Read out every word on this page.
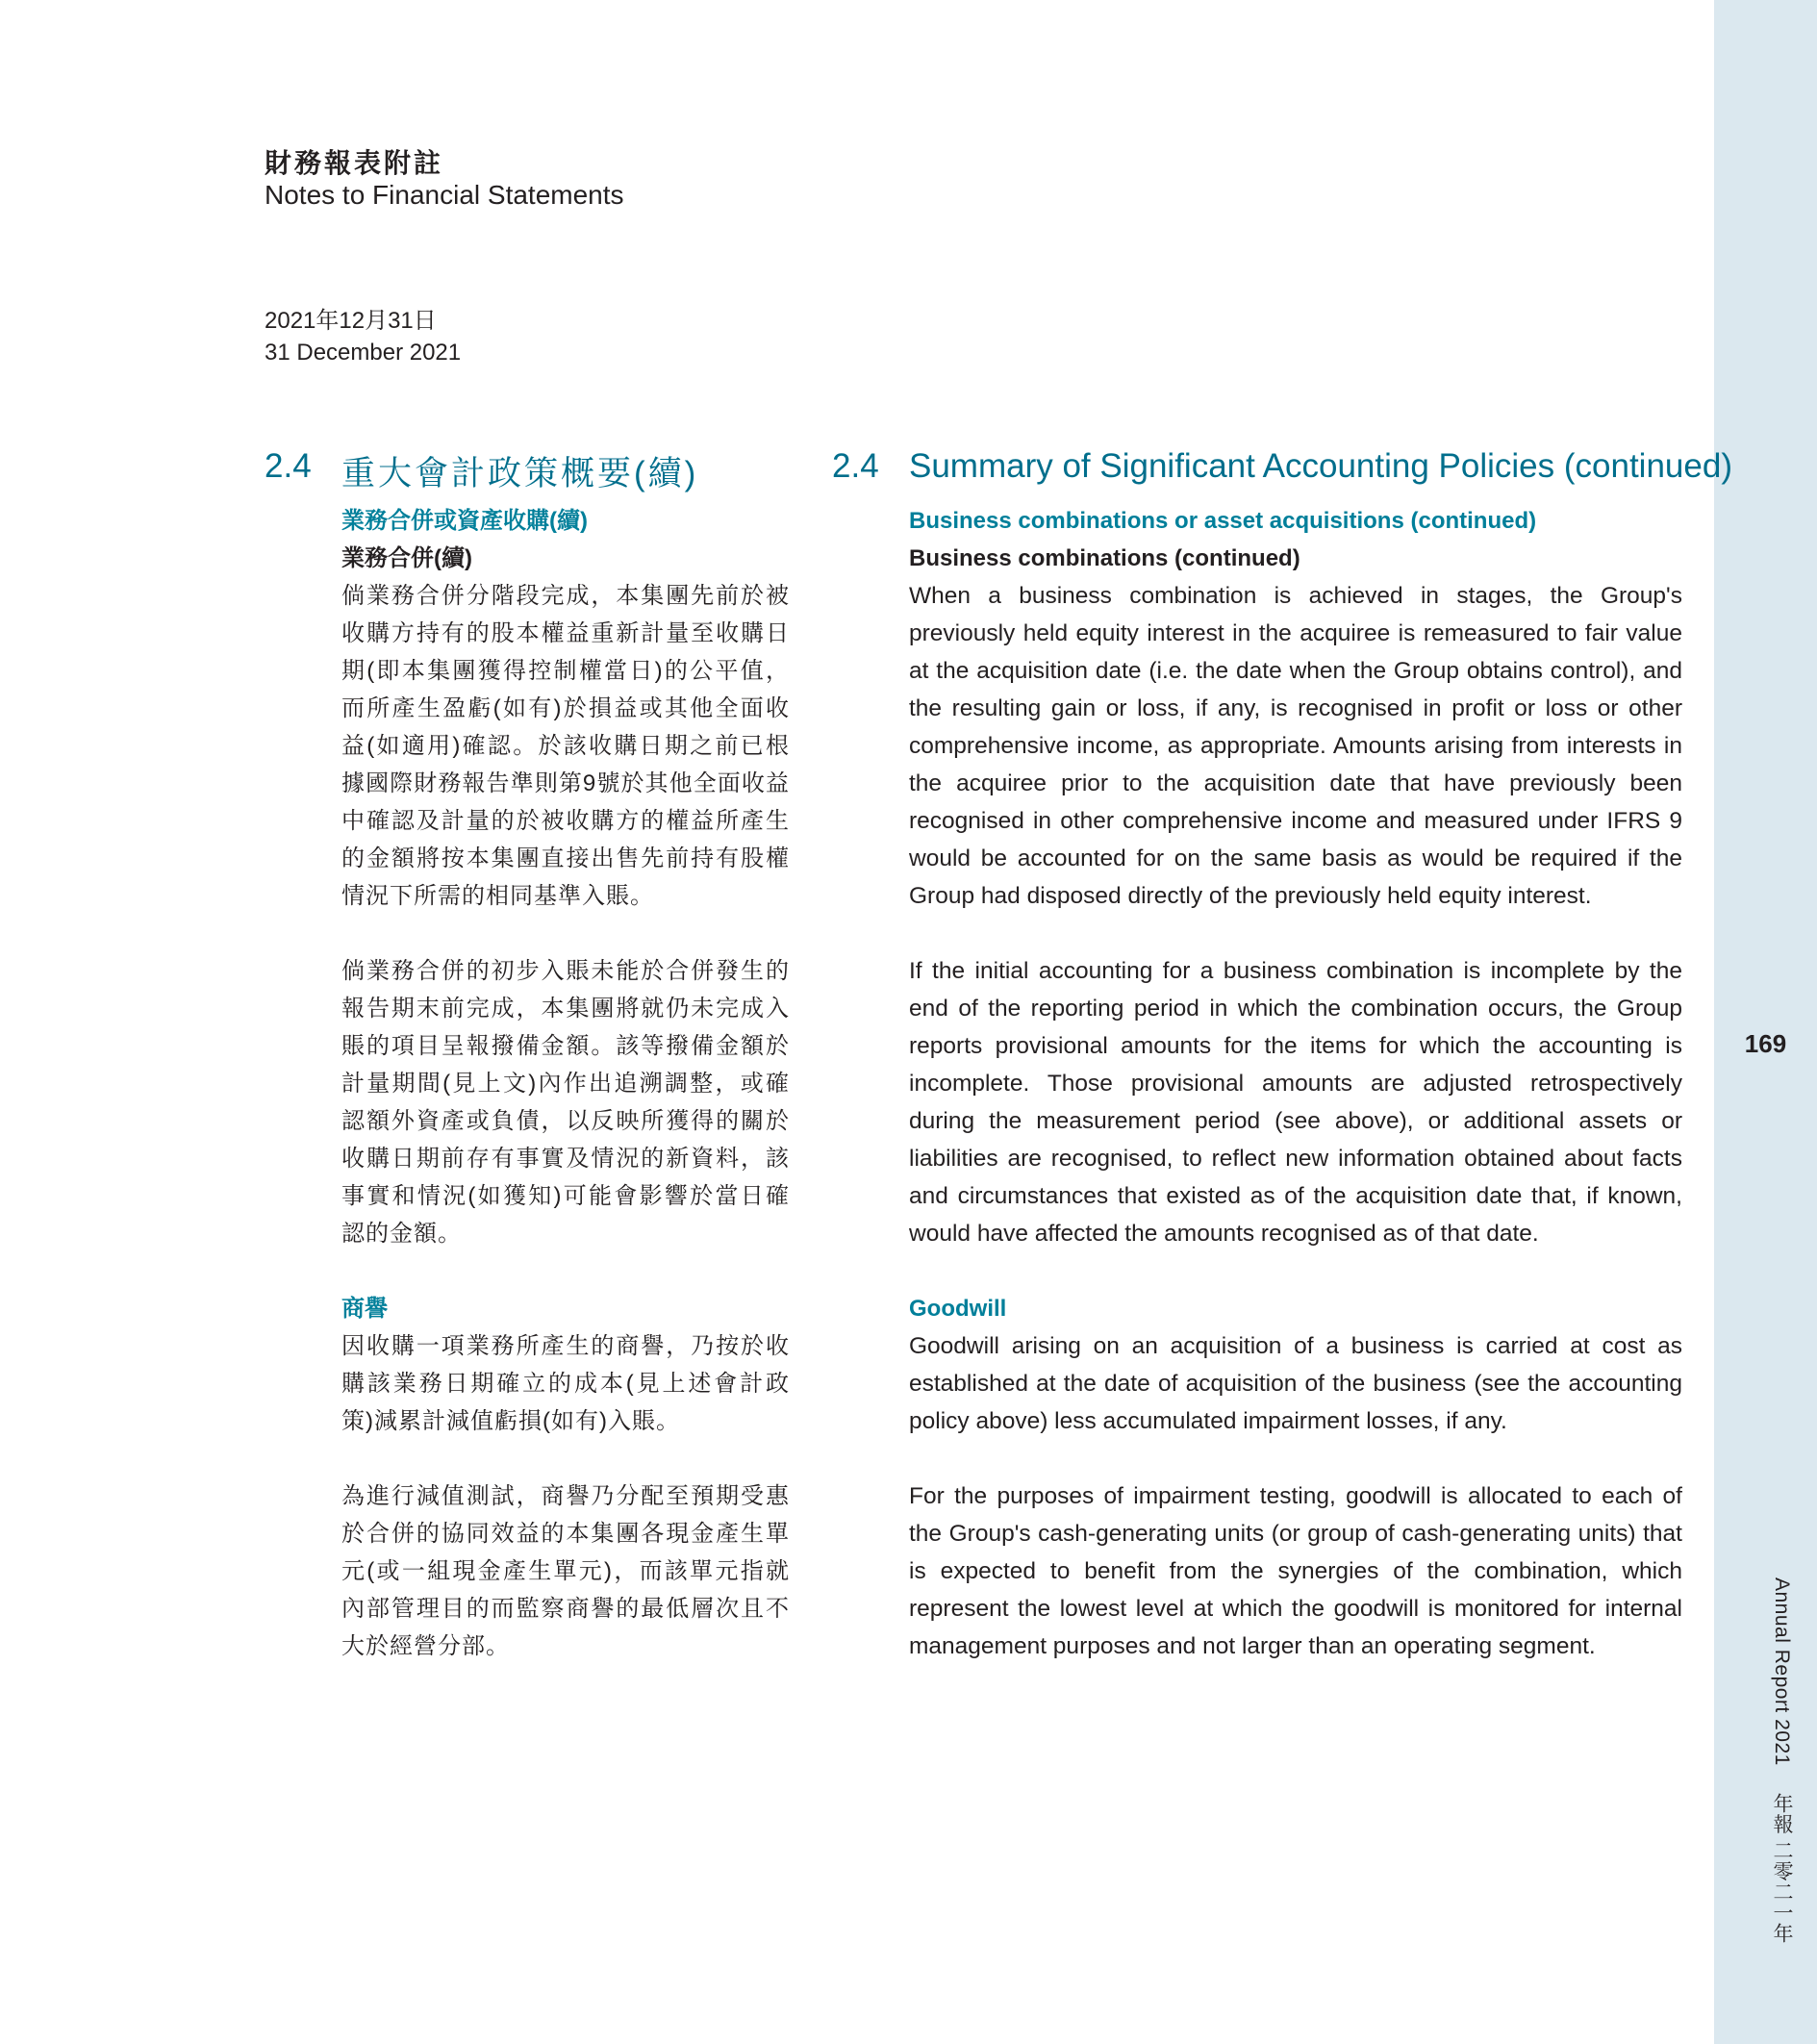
169
Annual Report 2021年報 二零二一年
財務報表附註
Notes to Financial Statements
2021年12月31日
31 December 2021
2.4 重大會計政策概要(續)	2.4 Summary of Significant Accounting Policies (continued)
業務合併或資產收購(續)
業務合併(續)
倘業務合併分階段完成，本集團先前於被
收購方持有的股本權益重新計量至收購日
期(即本集團獲得控制權當日)的公平值，
而所產生盈虧(如有)於損益或其他全面收
益(如適用)確認。於該收購日期之前已根
據國際財務報告準則第9號於其他全面收益
中確認及計量的於被收購方的權益所產生
的金額將按本集團直接出售先前持有股權
情況下所需的相同基準入賬。
倘業務合併的初步入賬未能於合併發生的
報告期末前完成，本集團將就仍未完成入
賬的項目呈報撥備金額。該等撥備金額於
計量期間(見上文)內作出追溯調整，或確
認額外資產或負債，以反映所獲得的關於
收購日期前存有事實及情況的新資料，該
事實和情況(如獲知)可能會影響於當日確
認的金額。
商譽
因收購一項業務所產生的商譽，乃按於收
購該業務日期確立的成本(見上述會計政
策)減累計減值虧損(如有)入賬。
為進行減值測試，商譽乃分配至預期受惠
於合併的協同效益的本集團各現金產生單
元(或一組現金產生單元)，而該單元指就
內部管理目的而監察商譽的最低層次且不
大於經營分部。
Business combinations or asset acquisitions (continued)
Business combinations (continued)

When a business combination is achieved in stages, the Group's previously held equity interest in the acquiree is remeasured to fair value at the acquisition date (i.e. the date when the Group obtains control), and the resulting gain or loss, if any, is recognised in profit or loss or other comprehensive income, as appropriate. Amounts arising from interests in the acquiree prior to the acquisition date that have previously been recognised in other comprehensive income and measured under IFRS 9 would be accounted for on the same basis as would be required if the Group had disposed directly of the previously held equity interest.

If the initial accounting for a business combination is incomplete by the end of the reporting period in which the combination occurs, the Group reports provisional amounts for the items for which the accounting is incomplete. Those provisional amounts are adjusted retrospectively during the measurement period (see above), or additional assets or liabilities are recognised, to reflect new information obtained about facts and circumstances that existed as of the acquisition date that, if known, would have affected the amounts recognised as of that date.

Goodwill

Goodwill arising on an acquisition of a business is carried at cost as established at the date of acquisition of the business (see the accounting policy above) less accumulated impairment losses, if any.

For the purposes of impairment testing, goodwill is allocated to each of the Group's cash-generating units (or group of cash-generating units) that is expected to benefit from the synergies of the combination, which represent the lowest level at which the goodwill is monitored for internal management purposes and not larger than an operating segment.
